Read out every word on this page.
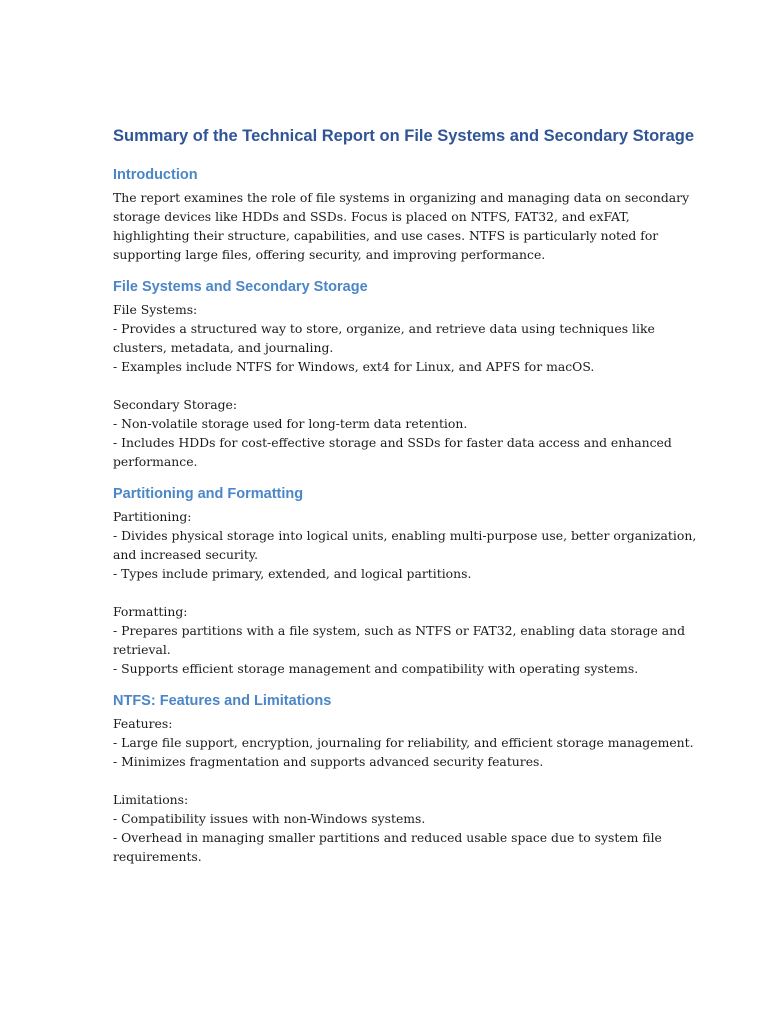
Summary of the Technical Report on File Systems and Secondary Storage
Introduction
The report examines the role of file systems in organizing and managing data on secondary
storage devices like HDDs and SSDs. Focus is placed on NTFS, FAT32, and exFAT,
highlighting their structure, capabilities, and use cases. NTFS is particularly noted for
supporting large files, offering security, and improving performance.
File Systems and Secondary Storage
File Systems:
- Provides a structured way to store, organize, and retrieve data using techniques like
clusters, metadata, and journaling.
- Examples include NTFS for Windows, ext4 for Linux, and APFS for macOS.
Secondary Storage:
- Non-volatile storage used for long-term data retention.
- Includes HDDs for cost-effective storage and SSDs for faster data access and enhanced
performance.
Partitioning and Formatting
Partitioning:
- Divides physical storage into logical units, enabling multi-purpose use, better organization,
and increased security.
- Types include primary, extended, and logical partitions.
Formatting:
- Prepares partitions with a file system, such as NTFS or FAT32, enabling data storage and
retrieval.
- Supports efficient storage management and compatibility with operating systems.
NTFS: Features and Limitations
Features:
- Large file support, encryption, journaling for reliability, and efficient storage management.
- Minimizes fragmentation and supports advanced security features.
Limitations:
- Compatibility issues with non-Windows systems.
- Overhead in managing smaller partitions and reduced usable space due to system file
requirements.
